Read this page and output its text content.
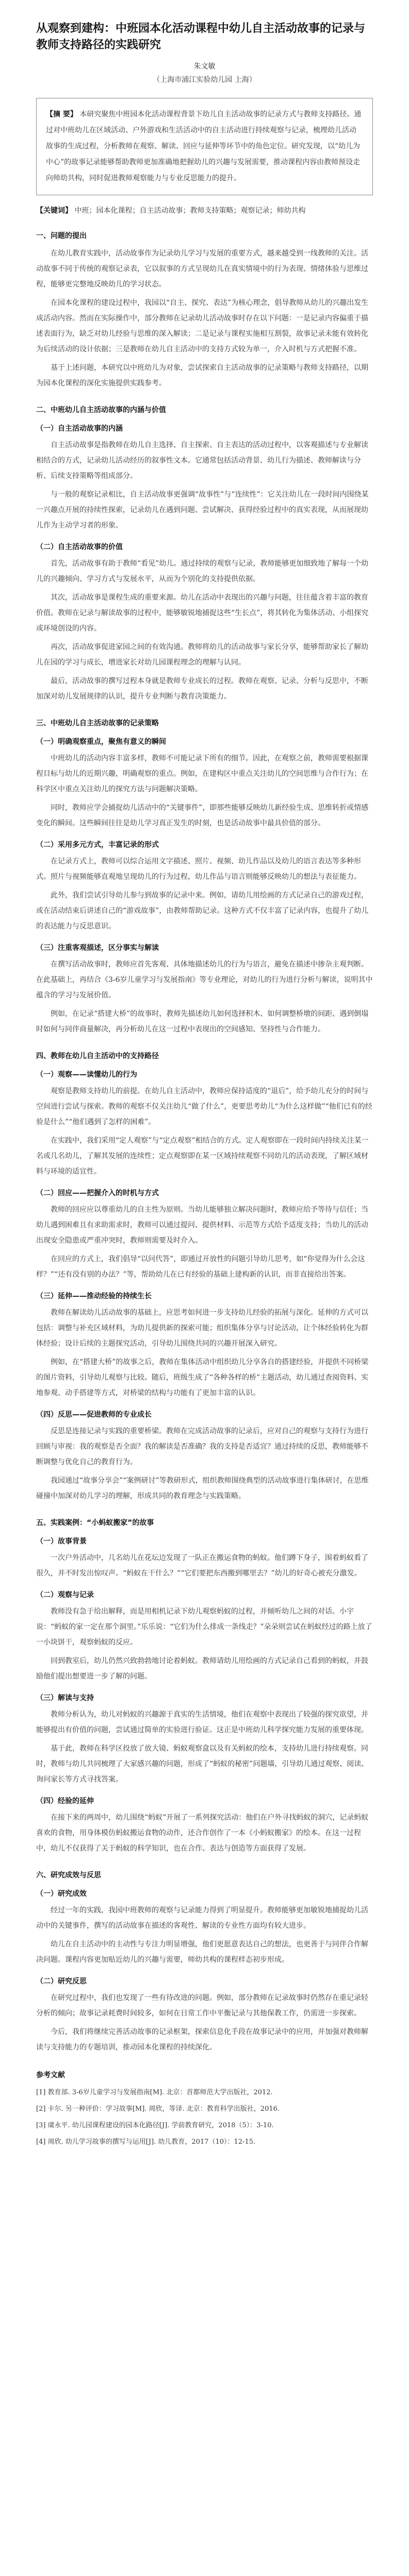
从观察到建构：中班园本化活动课程中幼儿自主活动故事的记录与教师支持路径的实践研究
朱文敏
（上海市浦江实验幼儿园 上海）
【摘 要】 本研究聚焦中班园本化活动课程背景下幼儿自主活动故事的记录方式与教师支持路径。通过对中班幼儿在区域活动、户外游戏和生活活动中的自主活动进行持续观察与记录，梳理幼儿活动故事的生成过程，分析教师在观察、解读、回应与延伸等环节中的角色定位。研究发现，以“幼儿为中心”的故事记录能够帮助教师更加准确地把握幼儿的兴趣与发展需要，推动课程内容由教师预设走向师幼共构，同时促进教师观察能力与专业反思能力的提升。
【关键词】 中班；园本化课程；自主活动故事；教师支持策略；观察记录；师幼共构
一、问题的提出

在幼儿教育实践中，活动故事作为记录幼儿学习与发展的重要方式，越来越受到一线教师的关注。活动故事不同于传统的观察记录表，它以叙事的方式呈现幼儿在真实情境中的行为表现、情绪体验与思维过程，能够更完整地反映幼儿的学习状态。

在园本化课程的建设过程中，我园以“自主、探究、表达”为核心理念，倡导教师从幼儿的兴趣出发生成活动内容。然而在实际操作中，部分教师在记录幼儿活动故事时存在以下问题：一是记录内容偏重于描述表面行为，缺乏对幼儿经验与思维的深入解读；二是记录与课程实施相互割裂，故事记录未能有效转化为后续活动的设计依据；三是教师在幼儿自主活动中的支持方式较为单一，介入时机与方式把握不准。

基于上述问题，本研究以中班幼儿为对象，尝试探索自主活动故事的记录策略与教师支持路径，以期为园本化课程的深化实施提供实践参考。

二、中班幼儿自主活动故事的内涵与价值
（一）自主活动故事的内涵

自主活动故事是指教师在幼儿自主选择、自主探索、自主表达的活动过程中，以客观描述与专业解读相结合的方式，记录幼儿活动经历的叙事性文本。它通常包括活动背景、幼儿行为描述、教师解读与分析、后续支持策略等组成部分。

与一般的观察记录相比，自主活动故事更强调“故事性”与“连续性”：它关注幼儿在一段时间内围绕某一兴趣点开展的持续性探索，记录幼儿在遇到问题、尝试解决、获得经验过程中的真实表现，从而展现幼儿作为主动学习者的形象。

（二）自主活动故事的价值

首先，活动故事有助于教师“看见”幼儿。通过持续的观察与记录，教师能够更加细致地了解每一个幼儿的兴趣倾向、学习方式与发展水平，从而为个别化的支持提供依据。

其次，活动故事是课程生成的重要来源。幼儿在活动中表现出的兴趣与问题，往往蕴含着丰富的教育价值。教师在记录与解读故事的过程中，能够敏锐地捕捉这些“生长点”，将其转化为集体活动、小组探究或环境创设的内容。

再次，活动故事促进家园之间的有效沟通。教师将幼儿的活动故事与家长分享，能够帮助家长了解幼儿在园的学习与成长，增进家长对幼儿园课程理念的理解与认同。

最后，活动故事的撰写过程本身就是教师专业成长的过程。教师在观察、记录、分析与反思中，不断加深对幼儿发展规律的认识，提升专业判断与教育决策能力。

三、中班幼儿自主活动故事的记录策略
（一）明确观察重点，聚焦有意义的瞬间

中班幼儿的活动内容丰富多样，教师不可能记录下所有的细节。因此，在观察之前，教师需要根据课程目标与幼儿的近期兴趣，明确观察的重点。例如，在建构区中重点关注幼儿的空间思维与合作行为；在科学区中重点关注幼儿的探究方法与问题解决策略。

同时，教师应学会捕捉幼儿活动中的“关键事件”，即那些能够反映幼儿新经验生成、思维转折或情感变化的瞬间。这些瞬间往往是幼儿学习真正发生的时刻，也是活动故事中最具价值的部分。

（二）采用多元方式，丰富记录的形式

在记录方式上，教师可以综合运用文字描述、照片、视频、幼儿作品以及幼儿的语言表达等多种形式。照片与视频能够直观地呈现幼儿的行为过程，幼儿作品与语言则能够反映幼儿的想法与表征能力。

此外，我们尝试引导幼儿参与到故事的记录中来。例如，请幼儿用绘画的方式记录自己的游戏过程，或在活动结束后讲述自己的“游戏故事”，由教师帮助记录。这种方式不仅丰富了记录内容，也提升了幼儿的表达能力与反思意识。

（三）注重客观描述，区分事实与解读

在撰写活动故事时，教师应首先客观、具体地描述幼儿的行为与语言，避免在描述中掺杂主观判断。在此基础上，再结合《3-6岁儿童学习与发展指南》等专业理论，对幼儿的行为进行分析与解读，说明其中蕴含的学习与发展价值。

例如，在记录“搭建大桥”的故事时，教师先描述幼儿如何选择积木、如何调整桥墩的间距、遇到倒塌时如何与同伴商量解决，再分析幼儿在这一过程中表现出的空间感知、坚持性与合作能力。

四、教师在幼儿自主活动中的支持路径
（一）观察——读懂幼儿的行为

观察是教师支持幼儿的前提。在幼儿自主活动中，教师应保持适度的“退后”，给予幼儿充分的时间与空间进行尝试与探索。教师的观察不仅关注幼儿“做了什么”，更要思考幼儿“为什么这样做”“他们已有的经验是什么”“他们遇到了怎样的困难”。

在实践中，我们采用“定人观察”与“定点观察”相结合的方式。定人观察即在一段时间内持续关注某一名或几名幼儿，了解其发展的连续性；定点观察即在某一区域持续观察不同幼儿的活动表现，了解区域材料与环境的适宜性。

（二）回应——把握介入的时机与方式

教师的回应应以尊重幼儿的自主性为原则。当幼儿能够独立解决问题时，教师应给予等待与信任；当幼儿遇到困难且有求助需求时，教师可以通过提问、提供材料、示范等方式给予适度支持；当幼儿的活动出现安全隐患或严重冲突时，教师则需要及时介入。

在回应的方式上，我们倡导“以问代答”，即通过开放性的问题引导幼儿思考，如“你觉得为什么会这样？”“还有没有别的办法？”等，帮助幼儿在已有经验的基础上建构新的认识，而非直接给出答案。

（三）延伸——推动经验的持续生长

教师在解读幼儿活动故事的基础上，应思考如何进一步支持幼儿经验的拓展与深化。延伸的方式可以包括：调整与补充区域材料，为幼儿提供新的探索可能；组织集体分享与讨论活动，让个体经验转化为群体经验；设计后续的主题探究活动，引导幼儿围绕共同的兴趣开展深入研究。

例如，在“搭建大桥”的故事之后，教师在集体活动中组织幼儿分享各自的搭建经验，并提供不同桥梁的图片资料，引导幼儿观察与比较。随后，班级生成了“各种各样的桥”主题活动，幼儿通过查阅资料、实地参观、动手搭建等方式，对桥梁的结构与功能有了更加丰富的认识。

（四）反思——促进教师的专业成长

反思是连接记录与实践的重要桥梁。教师在完成活动故事的记录后，应对自己的观察与支持行为进行回顾与审视：我的观察是否全面？我的解读是否准确？我的支持是否适宜？通过持续的反思，教师能够不断调整与优化自己的教育行为。

我园通过“故事分享会”“案例研讨”等教研形式，组织教师围绕典型的活动故事进行集体研讨，在思维碰撞中加深对幼儿学习的理解，形成共同的教育理念与实践策略。

五、实践案例：“小蚂蚁搬家”的故事
（一）故事背景

一次户外活动中，几名幼儿在花坛边发现了一队正在搬运食物的蚂蚁。他们蹲下身子，围着蚂蚁看了很久，并不时发出惊叹声。“蚂蚁在干什么？”“它们要把东西搬到哪里去？”幼儿的好奇心被充分激发。

（二）观察与记录

教师没有急于给出解释，而是用相机记录下幼儿观察蚂蚁的过程，并倾听幼儿之间的对话。小宇说：“蚂蚁的家一定在那个洞里。”乐乐说：“它们为什么排成一条线走？”朵朵则尝试在蚂蚁经过的路上放了一小块饼干，观察蚂蚁的反应。

回到教室后，幼儿仍然兴致勃勃地讨论着蚂蚁。教师请幼儿用绘画的方式记录自己看到的蚂蚁，并鼓励他们提出想要进一步了解的问题。

（三）解读与支持

教师分析认为，幼儿对蚂蚁的兴趣源于真实的生活情境，他们在观察中表现出了较强的探究欲望，并能够提出有价值的问题，尝试通过简单的实验进行验证。这正是中班幼儿科学探究能力发展的重要体现。

基于此，教师在科学区投放了放大镜、蚂蚁观察盒以及有关蚂蚁的绘本，支持幼儿进行持续观察。同时，教师与幼儿共同梳理了大家感兴趣的问题，形成了“蚂蚁的秘密”问题墙，引导幼儿通过观察、阅读、询问家长等方式寻找答案。

（四）经验的延伸

在接下来的两周中，幼儿围绕“蚂蚁”开展了一系列探究活动：他们在户外寻找蚂蚁的洞穴，记录蚂蚁喜欢的食物，用身体模仿蚂蚁搬运食物的动作，还合作创作了一本《小蚂蚁搬家》的绘本。在这一过程中，幼儿不仅获得了关于蚂蚁的科学知识，也在合作、表达与创造等方面获得了发展。

六、研究成效与反思
（一）研究成效

经过一年的实践，我园中班教师的观察与记录能力得到了明显提升。教师能够更加敏锐地捕捉幼儿活动中的关键事件，撰写的活动故事在描述的客观性、解读的专业性方面均有较大进步。

幼儿在自主活动中的主动性与专注力明显增强，他们更愿意表达自己的想法，也更善于与同伴合作解决问题。课程内容更加贴近幼儿的兴趣与需要，师幼共构的课程样态初步形成。

（二）研究反思

在研究过程中，我们也发现了一些有待改进的问题。例如，部分教师在记录故事时仍然存在重记录轻分析的倾向；故事记录耗费时间较多，如何在日常工作中平衡记录与其他保教工作，仍需进一步探索。

今后，我们将继续完善活动故事的记录框架，探索信息化手段在故事记录中的应用，并加强对教师解读与支持能力的专题培训，推动园本化课程的持续深化。

参考文献

[1] 教育部. 3-6岁儿童学习与发展指南[M]. 北京：首都师范大学出版社，2012.

[2] 卡尔. 另一种评价：学习故事[M]. 周欣，等译. 北京：教育科学出版社，2016.

[3] 虞永平. 幼儿园课程建设的园本化路径[J]. 学前教育研究，2018（5）：3-10.

[4] 周欣. 幼儿学习故事的撰写与运用[J]. 幼儿教育，2017（10）：12-15.
